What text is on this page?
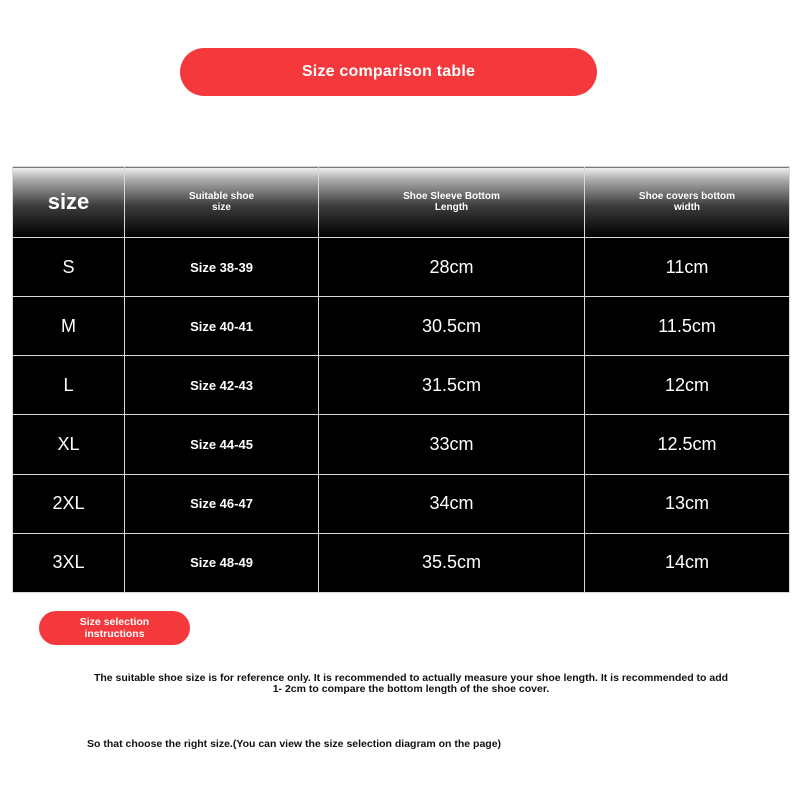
Size comparison table
size	Suitable shoe size	Shoe Sleeve Bottom Length	Shoe covers bottom width

S	Size 38-39	28cm	11cm
M	Size 40-41	30.5cm	11.5cm
L	Size 42-43	31.5cm	12cm
XL	Size 44-45	33cm	12.5cm
2XL	Size 46-47	34cm	13cm
3XL	Size 48-49	35.5cm	14cm
Size selection instructions
The suitable shoe size is for reference only. It is recommended to actually measure your shoe length. It is recommended to add 1- 2cm to compare the bottom length of the shoe cover.
So that choose the right size.(You can view the size selection diagram on the page)
